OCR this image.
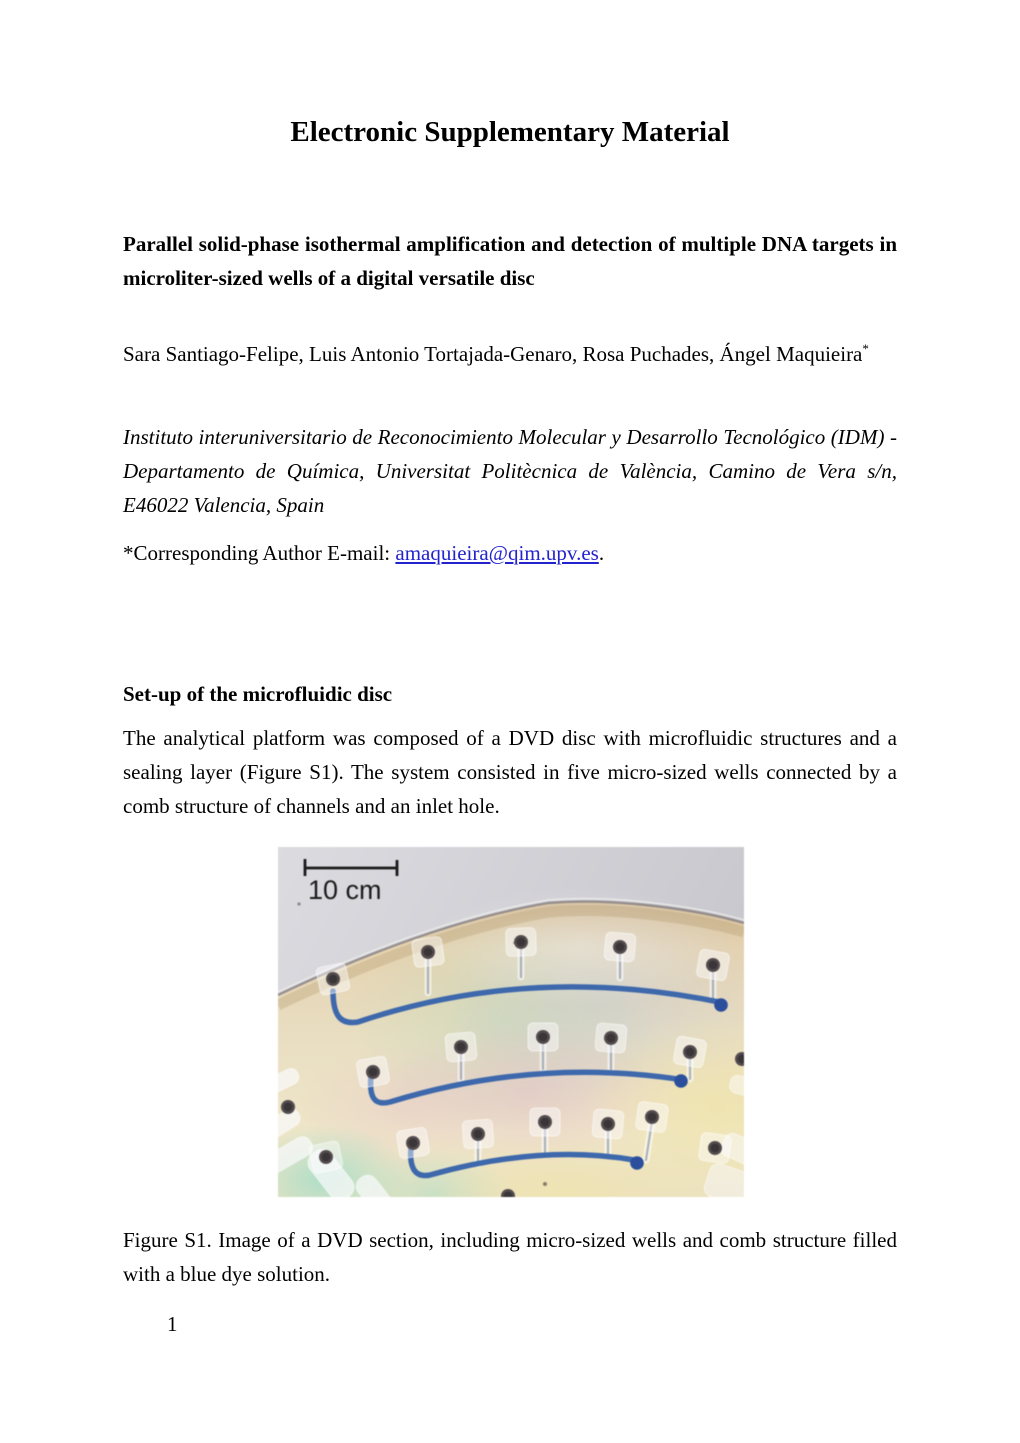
Electronic Supplementary Material

Parallel solid-phase isothermal amplification and detection of multiple DNA targets in microliter-sized wells of a digital versatile disc

Sara Santiago-Felipe, Luis Antonio Tortajada-Genaro, Rosa Puchades, Ángel Maquieira*

Instituto interuniversitario de Reconocimiento Molecular y Desarrollo Tecnológico (IDM) - Departamento de Química, Universitat Politècnica de València, Camino de Vera s/n, E46022 Valencia, Spain

*Corresponding Author E-mail: amaquieira@qim.upv.es.

Set-up of the microfluidic disc

The analytical platform was composed of a DVD disc with microfluidic structures and a sealing layer (Figure S1). The system consisted in five micro-sized wells connected by a comb structure of channels and an inlet hole.

10 cm

Figure S1. Image of a DVD section, including micro-sized wells and comb structure filled with a blue dye solution.

1
